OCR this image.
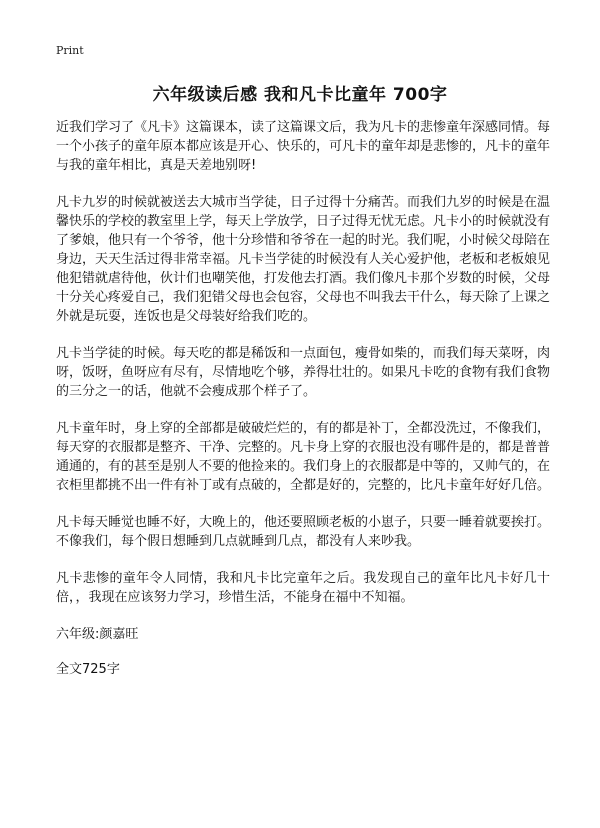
Print
六年级读后感 我和凡卡比童年 700字

近我们学习了《凡卡》这篇课本，读了这篇课文后，我为凡卡的悲惨童年深感同情。每一个小孩子的童年原本都应该是开心、快乐的，可凡卡的童年却是悲惨的，凡卡的童年与我的童年相比，真是天差地别呀!

凡卡九岁的时候就被送去大城市当学徒，日子过得十分痛苦。而我们九岁的时候是在温馨快乐的学校的教室里上学，每天上学放学，日子过得无忧无虑。凡卡小的时候就没有了爹娘，他只有一个爷爷，他十分珍惜和爷爷在一起的时光。我们呢，小时候父母陪在身边，天天生活过得非常幸福。凡卡当学徒的时候没有人关心爱护他，老板和老板娘见他犯错就虐待他，伙计们也嘲笑他，打发他去打酒。我们像凡卡那个岁数的时候，父母十分关心疼爱自己，我们犯错父母也会包容，父母也不叫我去干什么，每天除了上课之外就是玩耍，连饭也是父母装好给我们吃的。

凡卡当学徒的时候。每天吃的都是稀饭和一点面包，瘦骨如柴的，而我们每天菜呀，肉呀，饭呀，鱼呀应有尽有，尽情地吃个够，养得壮壮的。如果凡卡吃的食物有我们食物的三分之一的话，他就不会瘦成那个样子了。

凡卡童年时，身上穿的全部都是破破烂烂的，有的都是补丁，全都没洗过，不像我们，每天穿的衣服都是整齐、干净、完整的。凡卡身上穿的衣服也没有哪件是的，都是普普通通的，有的甚至是别人不要的他捡来的。我们身上的衣服都是中等的，又帅气的，在衣柜里都挑不出一件有补丁或有点破的，全都是好的，完整的，比凡卡童年好好几倍。

凡卡每天睡觉也睡不好，大晚上的，他还要照顾老板的小崽子，只要一睡着就要挨打。不像我们，每个假日想睡到几点就睡到几点，都没有人来吵我。

凡卡悲惨的童年令人同情，我和凡卡比完童年之后。我发现自己的童年比凡卡好几十倍，，我现在应该努力学习，珍惜生活，不能身在福中不知福。

六年级:颜嘉旺

全文725字
